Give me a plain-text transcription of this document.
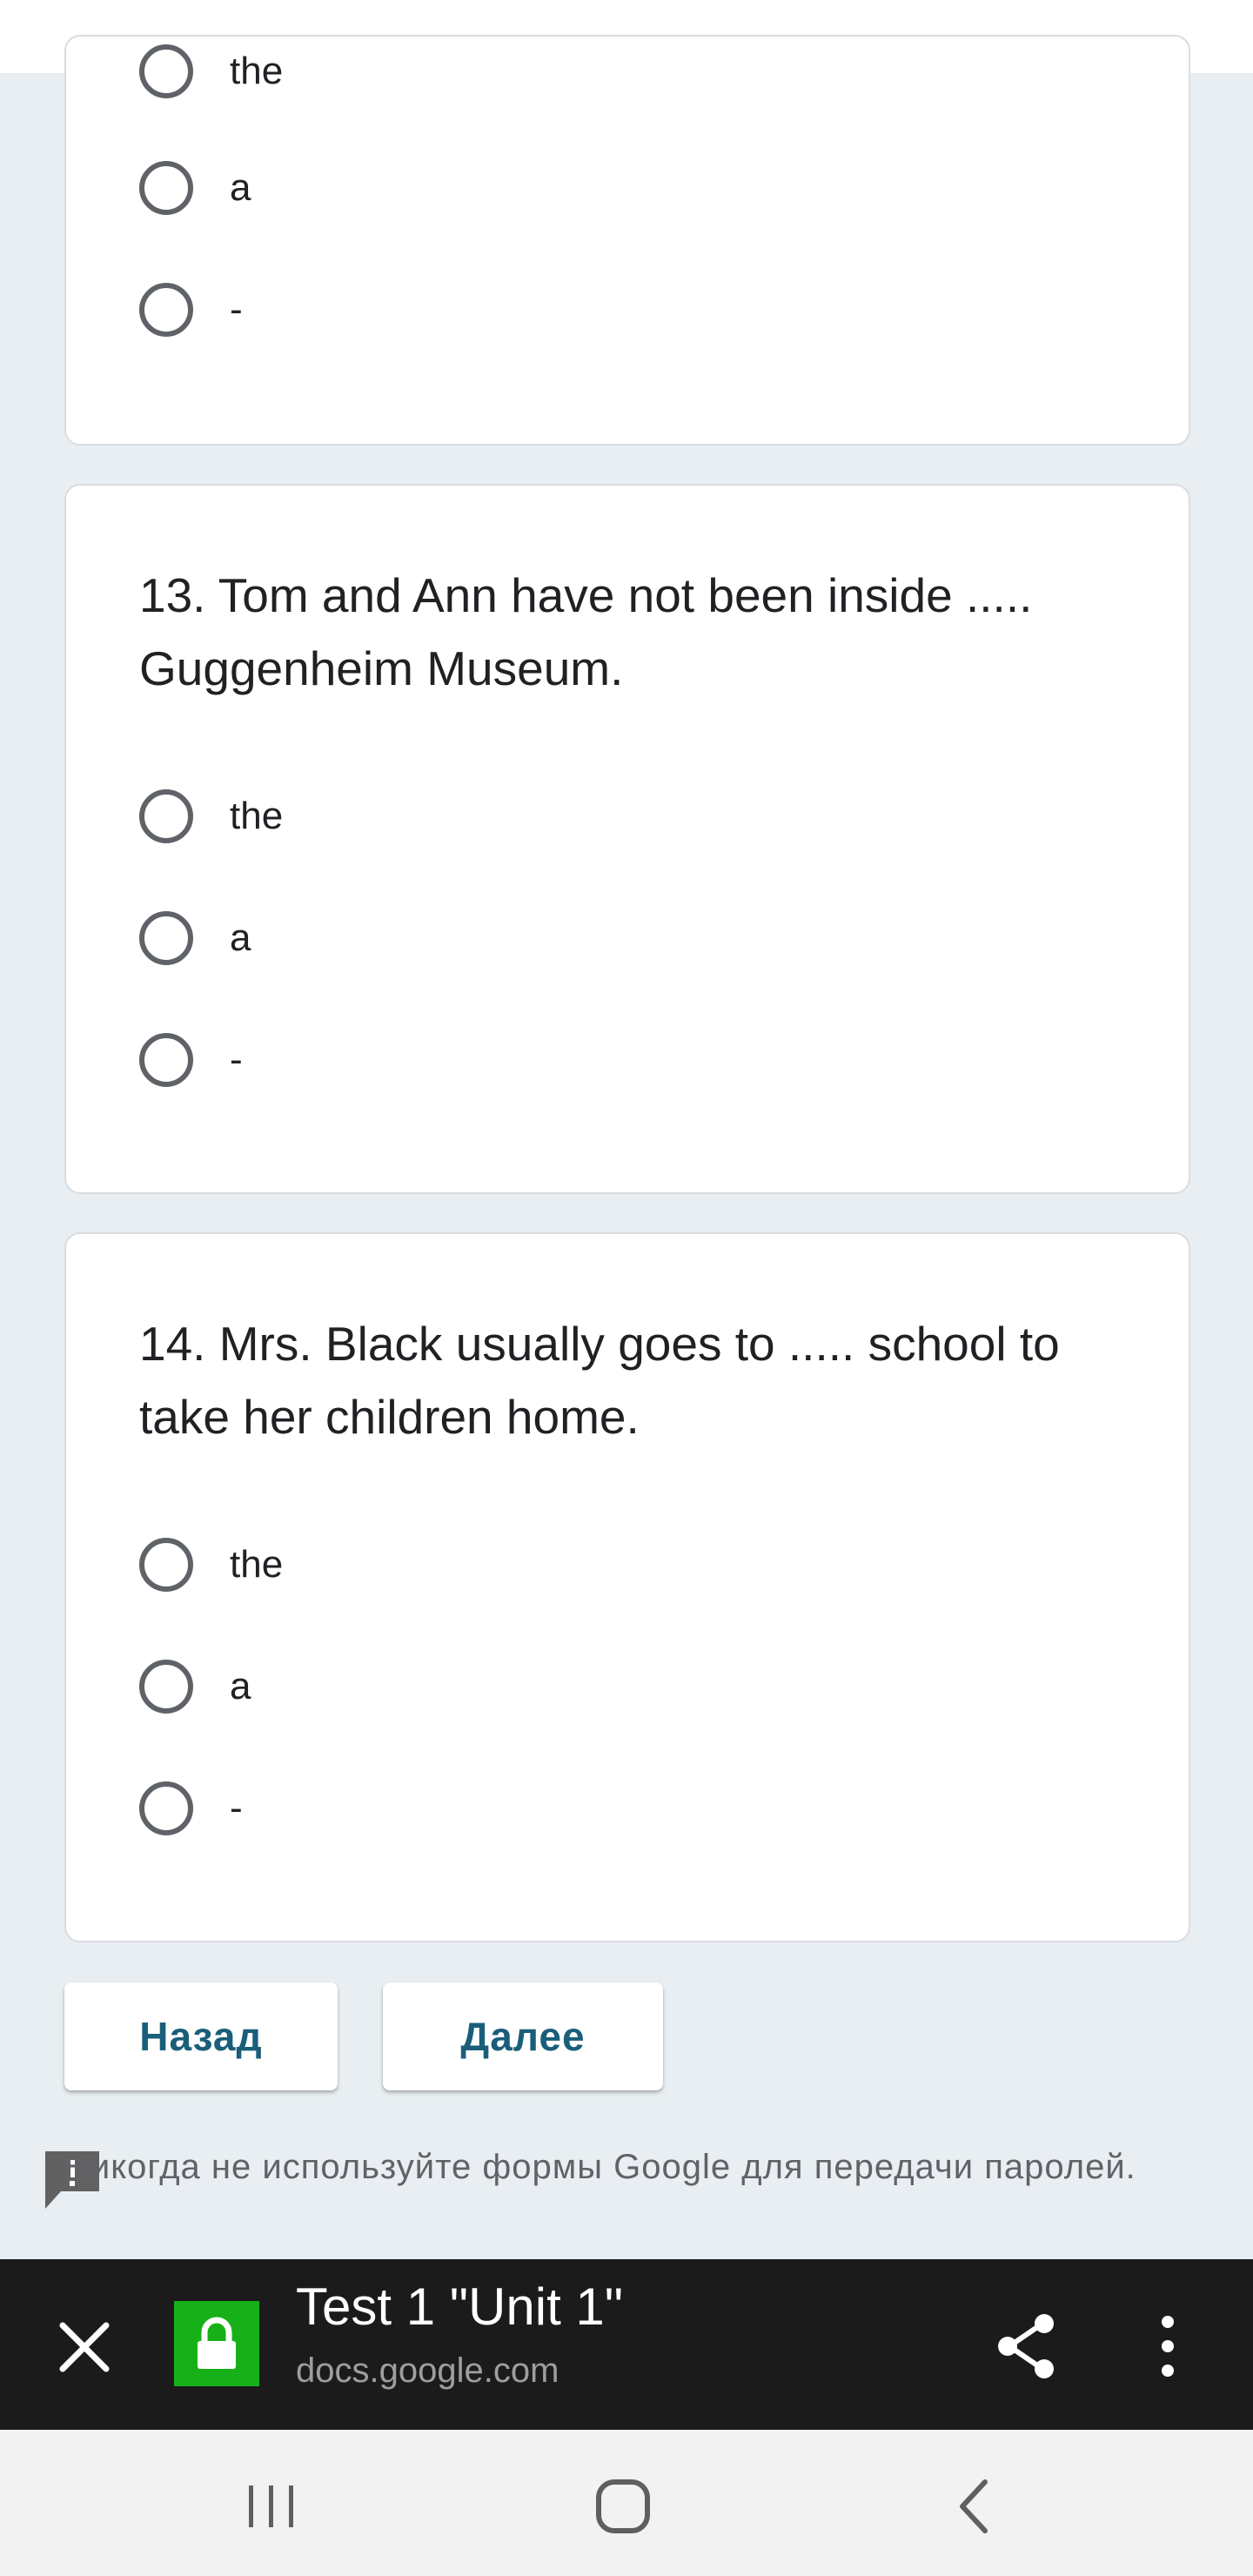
the
a
-
13. Tom and Ann have not been inside ..... Guggenheim Museum.
the
a
-
14. Mrs. Black usually goes to ..... school to take her children home.
the
a
-
Назад	Далее
Никогда не используйте формы Google для передачи паролей.
Test 1 "Unit 1"
docs.google.com
